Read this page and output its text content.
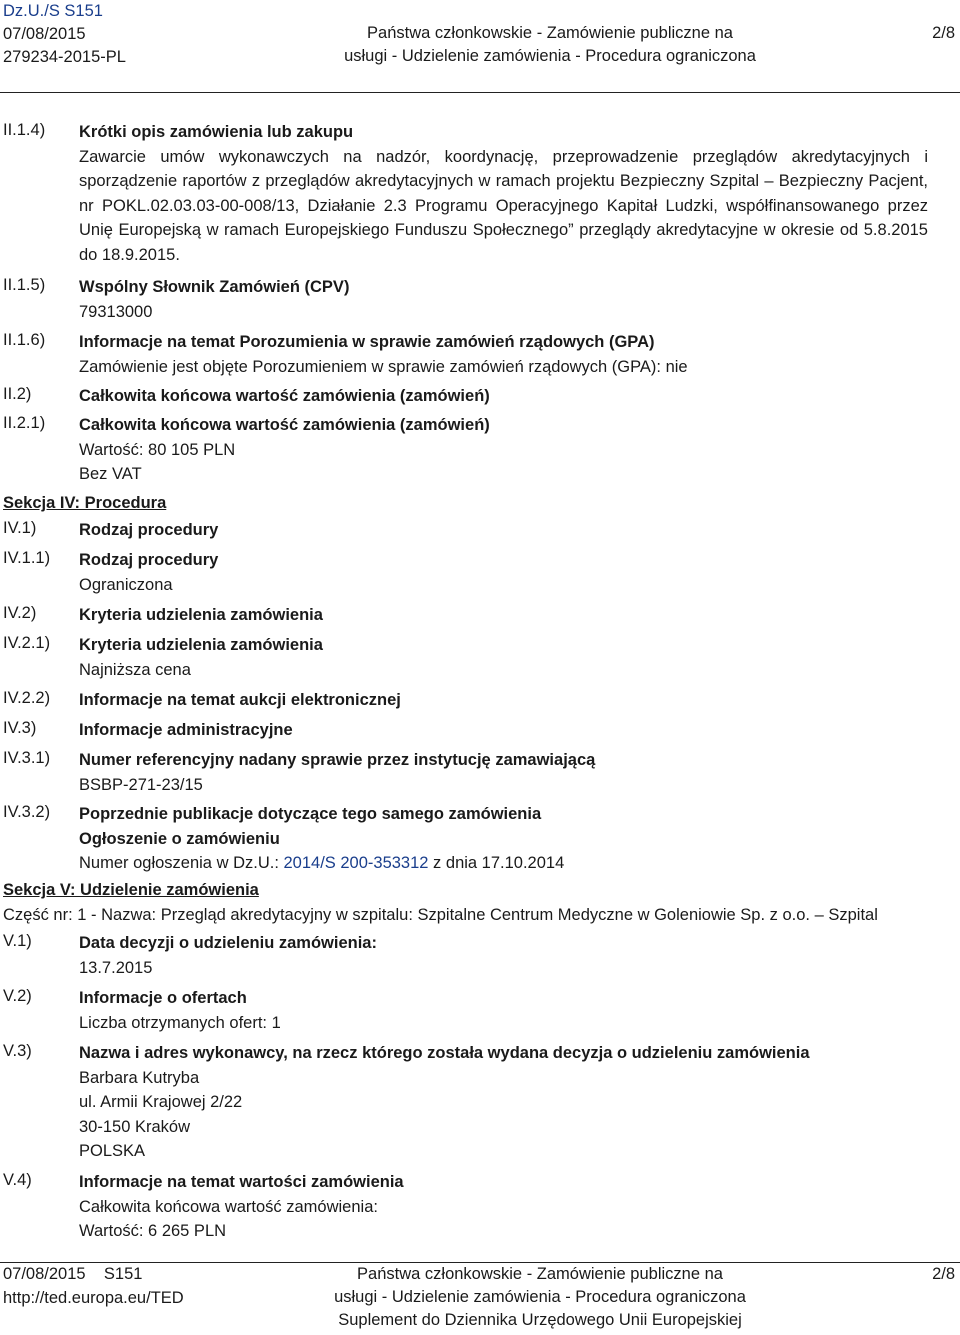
Dz.U./S S151
07/08/2015
279234-2015-PL
Państwa członkowskie - Zamówienie publiczne na
usługi - Udzielenie zamówienia - Procedura ograniczona
2/8
II.1.4) Krótki opis zamówienia lub zakupu
Zawarcie umów wykonawczych na nadzór, koordynację, przeprowadzenie przeglądów akredytacyjnych i sporządzenie raportów z przeglądów akredytacyjnych w ramach projektu Bezpieczny Szpital – Bezpieczny Pacjent, nr POKL.02.03.03-00-008/13, Działanie 2.3 Programu Operacyjnego Kapitał Ludzki, współfinansowanego przez Unię Europejską w ramach Europejskiego Funduszu Społecznego” przeglądy akredytacyjne w okresie od 5.8.2015 do 18.9.2015.
II.1.5) Wspólny Słownik Zamówień (CPV)
79313000
II.1.6) Informacje na temat Porozumienia w sprawie zamówień rządowych (GPA)
Zamówienie jest objęte Porozumieniem w sprawie zamówień rządowych (GPA): nie
II.2)	Całkowita końcowa wartość zamówienia (zamówień)
II.2.1) Całkowita końcowa wartość zamówienia (zamówień)
Wartość: 80 105 PLN
Bez VAT
Sekcja IV: Procedura
IV.1)	Rodzaj procedury
IV.1.1) Rodzaj procedury
Ograniczona
IV.2)	Kryteria udzielenia zamówienia
IV.2.1) Kryteria udzielenia zamówienia
Najniższa cena
IV.2.2) Informacje na temat aukcji elektronicznej
IV.3)	Informacje administracyjne
IV.3.1) Numer referencyjny nadany sprawie przez instytucję zamawiającą
BSBP-271-23/15
IV.3.2) Poprzednie publikacje dotyczące tego samego zamówienia
Ogłoszenie o zamówieniu
Numer ogłoszenia w Dz.U.: 2014/S 200-353312 z dnia 17.10.2014
Sekcja V: Udzielenie zamówienia
Część nr: 1 - Nazwa: Przegląd akredytacyjny w szpitalu: Szpitalne Centrum Medyczne w Goleniowie Sp. z o.o. – Szpital
V.1)	Data decyzji o udzieleniu zamówienia:
13.7.2015
V.2)	Informacje o ofertach
Liczba otrzymanych ofert: 1
V.3)	Nazwa i adres wykonawcy, na rzecz którego została wydana decyzja o udzieleniu zamówienia
Barbara Kutryba
ul. Armii Krajowej 2/22
30-150 Kraków
POLSKA
V.4)	Informacje na temat wartości zamówienia
Całkowita końcowa wartość zamówienia:
Wartość: 6 265 PLN
07/08/2015    S151
http://ted.europa.eu/TED
Państwa członkowskie - Zamówienie publiczne na
usługi - Udzielenie zamówienia - Procedura ograniczona
Suplement do Dziennika Urzędowego Unii Europejskiej
2/8
